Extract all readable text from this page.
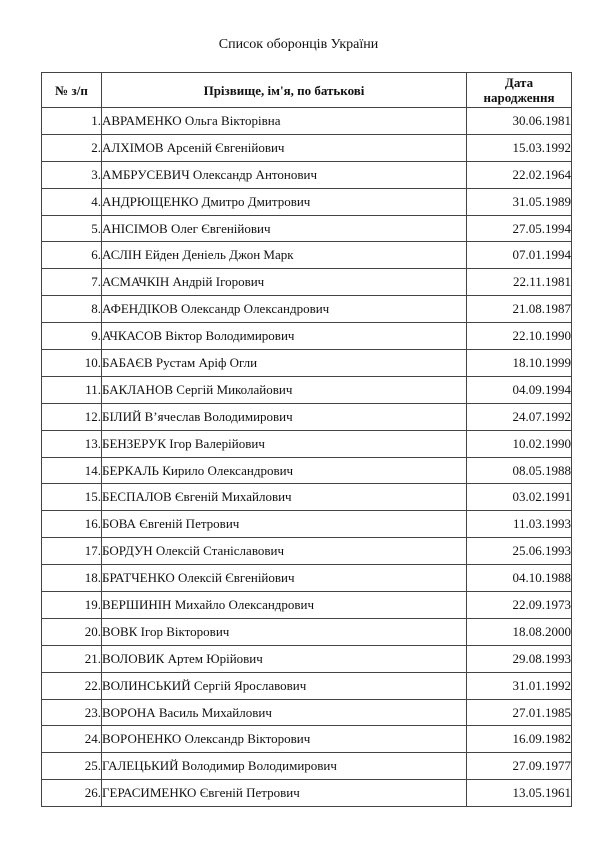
Список оборонців України
№ з/п	Прізвище, ім'я, по батькові	Дата
народження
1.	АВРАМЕНКО Ольга Вікторівна	30.06.1981
2.	АЛХІМОВ Арсеній Євгенійович	15.03.1992
3.	АМБРУСЕВИЧ Олександр Антонович	22.02.1964
4.	АНДРЮЩЕНКО Дмитро Дмитрович	31.05.1989
5.	АНІСІМОВ Олег Євгенійович	27.05.1994
6.	АСЛІН Ейден Деніель Джон Марк	07.01.1994
7.	АСМАЧКІН Андрій Ігорович	22.11.1981
8.	АФЕНДІКОВ Олександр Олександрович	21.08.1987
9.	АЧКАСОВ Віктор Володимирович	22.10.1990
10.	БАБАЄВ Рустам Аріф Огли	18.10.1999
11.	БАКЛАНОВ Сергій Миколайович	04.09.1994
12.	БІЛИЙ В’ячеслав Володимирович	24.07.1992
13.	БЕНЗЕРУК Ігор Валерійович	10.02.1990
14.	БЕРКАЛЬ Кирило Олександрович	08.05.1988
15.	БЕСПАЛОВ Євгеній Михайлович	03.02.1991
16.	БОВА Євгеній Петрович	11.03.1993
17.	БОРДУН Олексій Станіславович	25.06.1993
18.	БРАТЧЕНКО Олексій Євгенійович	04.10.1988
19.	ВЕРШИНІН Михайло Олександрович	22.09.1973
20.	ВОВК Ігор Вікторович	18.08.2000
21.	ВОЛОВИК Артем Юрійович	29.08.1993
22.	ВОЛИНСЬКИЙ Сергій Ярославович	31.01.1992
23.	ВОРОНА Василь Михайлович	27.01.1985
24.	ВОРОНЕНКО Олександр Вікторович	16.09.1982
25.	ГАЛЕЦЬКИЙ Володимир Володимирович	27.09.1977
26.	ГЕРАСИМЕНКО Євгеній Петрович	13.05.1961
